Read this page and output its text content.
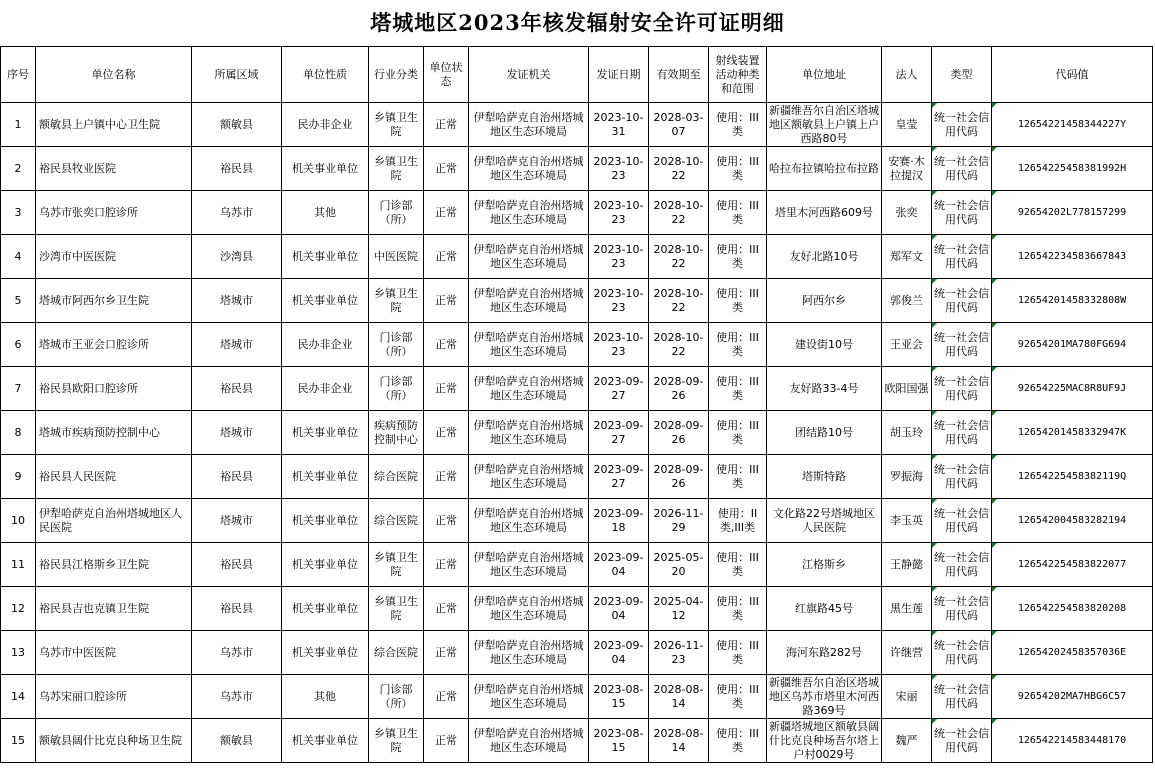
塔城地区2023年核发辐射安全许可证明细
序号	单位名称	所属区域	单位性质	行业分类	单位状态	发证机关	发证日期	有效期至	射线装置活动种类和范围	单位地址	法人	类型	代码值
1	额敏县上户镇中心卫生院	额敏县	民办非企业	乡镇卫生院	正常	伊犁哈萨克自治州塔城地区生态环境局	2023-10-31	2028-03-07	使用：III类	新疆维吾尔自治区塔城地区额敏县上户镇上户西路80号	皇莹	统一社会信用代码	12654221458344227Y
2	裕民县牧业医院	裕民县	机关事业单位	乡镇卫生院	正常	伊犁哈萨克自治州塔城地区生态环境局	2023-10-23	2028-10-22	使用：III类	哈拉布拉镇哈拉布拉路	安赛·木拉提汉	统一社会信用代码	12654225458381992H
3	乌苏市张奕口腔诊所	乌苏市	其他	门诊部（所）	正常	伊犁哈萨克自治州塔城地区生态环境局	2023-10-23	2028-10-22	使用：III类	塔里木河西路609号	张奕	统一社会信用代码	92654202L778157299
4	沙湾市中医医院	沙湾县	机关事业单位	中医医院	正常	伊犁哈萨克自治州塔城地区生态环境局	2023-10-23	2028-10-22	使用：III类	友好北路10号	郑军文	统一社会信用代码	12654223458366784З
5	塔城市阿西尔乡卫生院	塔城市	机关事业单位	乡镇卫生院	正常	伊犁哈萨克自治州塔城地区生态环境局	2023-10-23	2028-10-22	使用：III类	阿西尔乡	郭俊兰	统一社会信用代码	12654201458332808W
6	塔城市王亚会口腔诊所	塔城市	民办非企业	门诊部（所）	正常	伊犁哈萨克自治州塔城地区生态环境局	2023-10-23	2028-10-22	使用：III类	建设街10号	王亚会	统一社会信用代码	92654201MA780FG694
7	裕民县欧阳口腔诊所	裕民县	民办非企业	门诊部（所）	正常	伊犁哈萨克自治州塔城地区生态环境局	2023-09-27	2028-09-26	使用：III类	友好路33-4号	欧阳国强	统一社会信用代码	92654225MAC8R8UF9J
8	塔城市疾病预防控制中心	塔城市	机关事业单位	疾病预防控制中心	正常	伊犁哈萨克自治州塔城地区生态环境局	2023-09-27	2028-09-26	使用：III类	团结路10号	胡玉玲	统一社会信用代码	12654201458332947K
9	裕民县人民医院	裕民县	机关事业单位	综合医院	正常	伊犁哈萨克自治州塔城地区生态环境局	2023-09-27	2028-09-26	使用：III类	塔斯特路	罗振海	统一社会信用代码	12654225458382119Q
10	伊犁哈萨克自治州塔城地区人民医院	塔城市	机关事业单位	综合医院	正常	伊犁哈萨克自治州塔城地区生态环境局	2023-09-18	2026-11-29	使用：II类,III类	文化路22号塔城地区人民医院	李玉英	统一社会信用代码	126542004583282194
11	裕民县江格斯乡卫生院	裕民县	机关事业单位	乡镇卫生院	正常	伊犁哈萨克自治州塔城地区生态环境局	2023-09-04	2025-05-20	使用：III类	江格斯乡	王静懿	统一社会信用代码	126542254583822077
12	裕民县吉也克镇卫生院	裕民县	机关事业单位	乡镇卫生院	正常	伊犁哈萨克自治州塔城地区生态环境局	2023-09-04	2025-04-12	使用：III类	红旗路45号	黑生莲	统一社会信用代码	126542254583820208
13	乌苏市中医医院	乌苏市	机关事业单位	综合医院	正常	伊犁哈萨克自治州塔城地区生态环境局	2023-09-04	2026-11-23	使用：III类	海河东路282号	许继营	统一社会信用代码	12654202458357036E
14	乌苏宋丽口腔诊所	乌苏市	其他	门诊部（所）	正常	伊犁哈萨克自治州塔城地区生态环境局	2023-08-15	2028-08-14	使用：III类	新疆维吾尔自治区塔城地区乌苏市塔里木河西路369号	宋丽	统一社会信用代码	92654202MA7HBG6C57
15	额敏县阔什比克良种场卫生院	额敏县	机关事业单位	乡镇卫生院	正常	伊犁哈萨克自治州塔城地区生态环境局	2023-08-15	2028-08-14	使用：III类	新疆塔城地区额敏县阔什比克良种场吾尔塔上户村0029号	魏严	统一社会信用代码	126542214583448170
